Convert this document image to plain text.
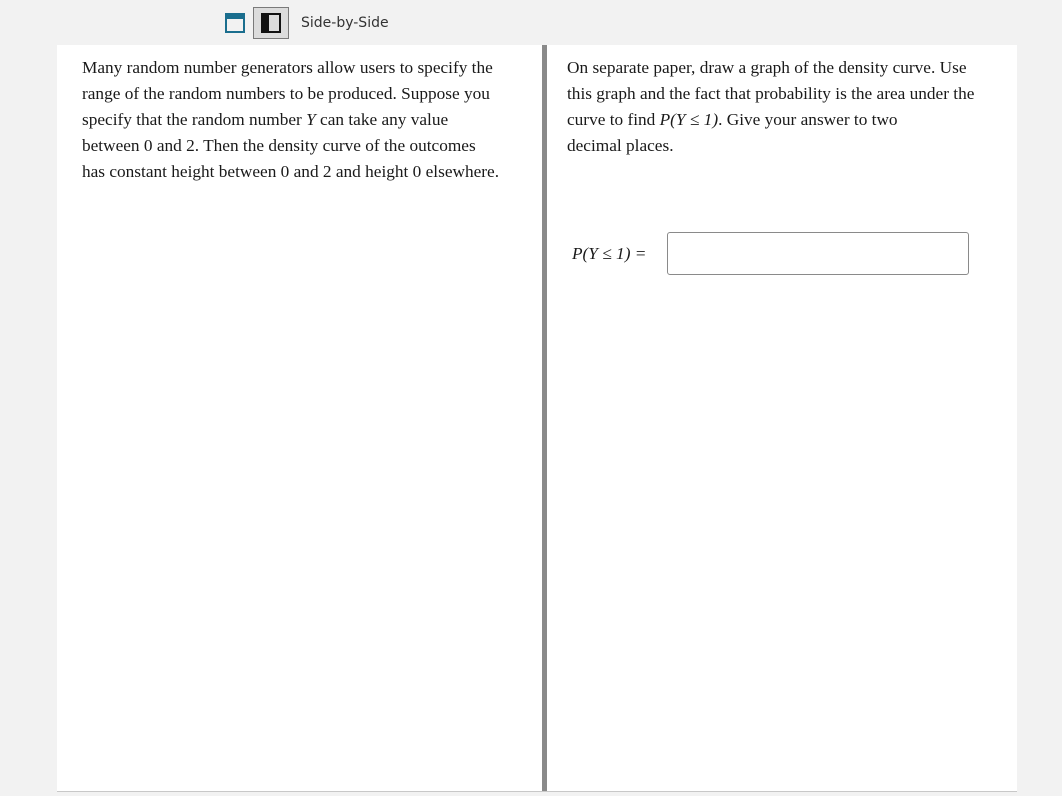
Side-by-Side

Many random number generators allow users to specify the
range of the random numbers to be produced. Suppose you
specify that the random number Y can take any value
between 0 and 2. Then the density curve of the outcomes
has constant height between 0 and 2 and height 0 elsewhere.

On separate paper, draw a graph of the density curve. Use
this graph and the fact that probability is the area under the
curve to find P(Y ≤ 1). Give your answer to two
decimal places.

P(Y ≤ 1) =
